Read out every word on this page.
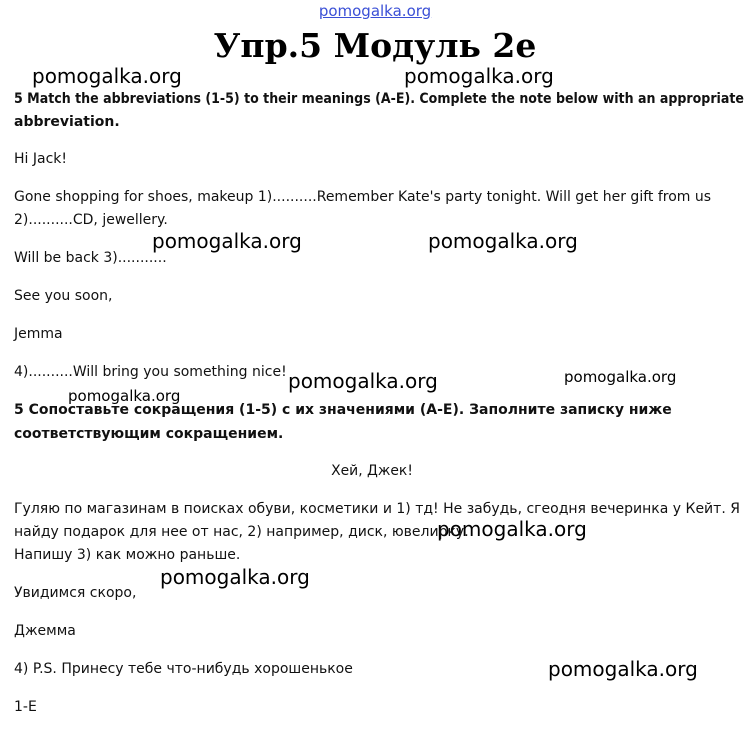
pomogalka.org
Упр.5 Модуль 2е
pomogalka.org	pomogalka.org
pomogalka.org	pomogalka.org
pomogalka.org	pomogalka.org
pomogalka.org
pomogalka.org
pomogalka.org
pomogalka.org
5 Match the abbreviations (1-5) to their meanings (A-E). Complete the note below with an appropriate
abbreviation.
Hi Jack!
Gone shopping for shoes, makeup 1)..........Remember Kate's party tonight. Will get her gift from us
2)..........CD, jewellery.
Will be back 3)...........
See you soon,
Jemma
4)..........Will bring you something nice!
5 Сопоставьте сокращения (1-5) с их значениями (A-E). Заполните записку ниже
соответствующим сокращением.
Хей, Джек!
Гуляю по магазинам в поисках обуви, косметики и 1) тд! Не забудь, сгеодня вечеринка у Кейт. Я
найду подарок для нее от нас, 2) например, диск, ювелирку.
Напишу 3) как можно раньше.
Увидимся скоро,
Джемма
4) P.S. Принесу тебе что-нибудь хорошенькое
1-E
